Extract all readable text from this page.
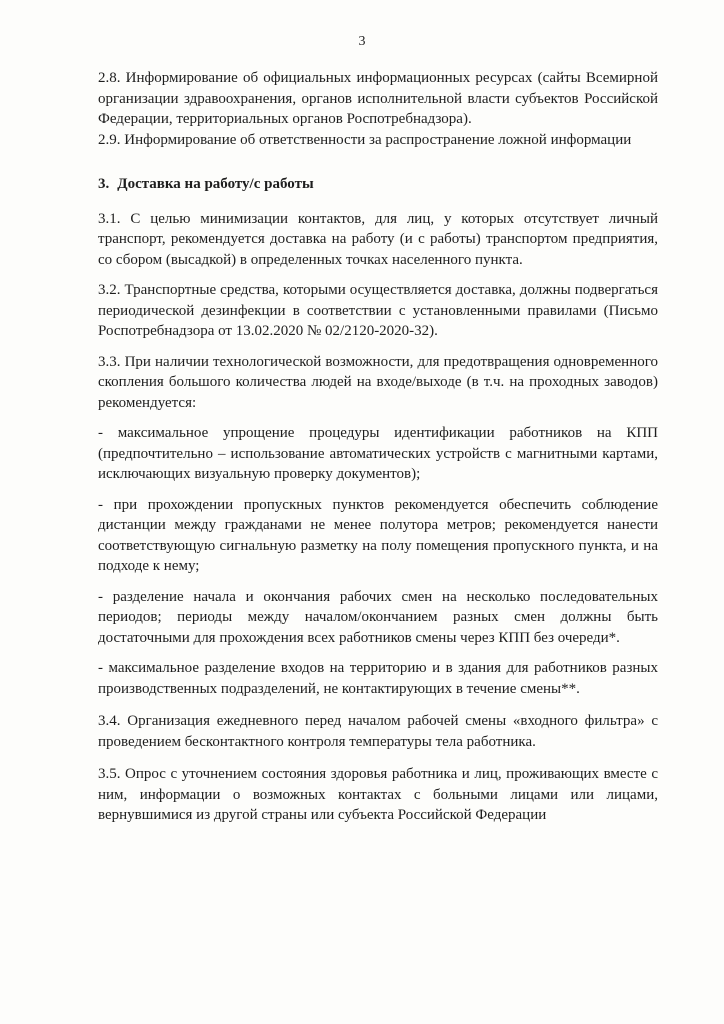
3

2.8. Информирование об официальных информационных ресурсах (сайты Всемирной организации здравоохранения, органов исполнительной власти субъектов Российской Федерации, территориальных органов Роспотребнадзора).

2.9. Информирование об ответственности за распространение ложной информации

3. Доставка на работу/с работы

3.1. С целью минимизации контактов, для лиц, у которых отсутствует личный транспорт, рекомендуется доставка на работу (и с работы) транспортом предприятия, со сбором (высадкой) в определенных точках населенного пункта.

3.2. Транспортные средства, которыми осуществляется доставка, должны подвергаться периодической дезинфекции в соответствии с установленными правилами (Письмо Роспотребнадзора от 13.02.2020 № 02/2120-2020-32).

3.3. При наличии технологической возможности, для предотвращения одновременного скопления большого количества людей на входе/выходе (в т.ч. на проходных заводов) рекомендуется:

- максимальное упрощение процедуры идентификации работников на КПП (предпочтительно – использование автоматических устройств с магнитными картами, исключающих визуальную проверку документов);

- при прохождении пропускных пунктов рекомендуется обеспечить соблюдение дистанции между гражданами не менее полутора метров; рекомендуется нанести соответствующую сигнальную разметку на полу помещения пропускного пункта, и на подходе к нему;

- разделение начала и окончания рабочих смен на несколько последовательных периодов; периоды между началом/окончанием разных смен должны быть достаточными для прохождения всех работников смены через КПП без очереди*.

- максимальное разделение входов на территорию и в здания для работников разных производственных подразделений, не контактирующих в течение смены**.

3.4. Организация ежедневного перед началом рабочей смены «входного фильтра» с проведением бесконтактного контроля температуры тела работника.

3.5. Опрос с уточнением состояния здоровья работника и лиц, проживающих вместе с ним, информации о возможных контактах с больными лицами или лицами, вернувшимися из другой страны или субъекта Российской Федерации
